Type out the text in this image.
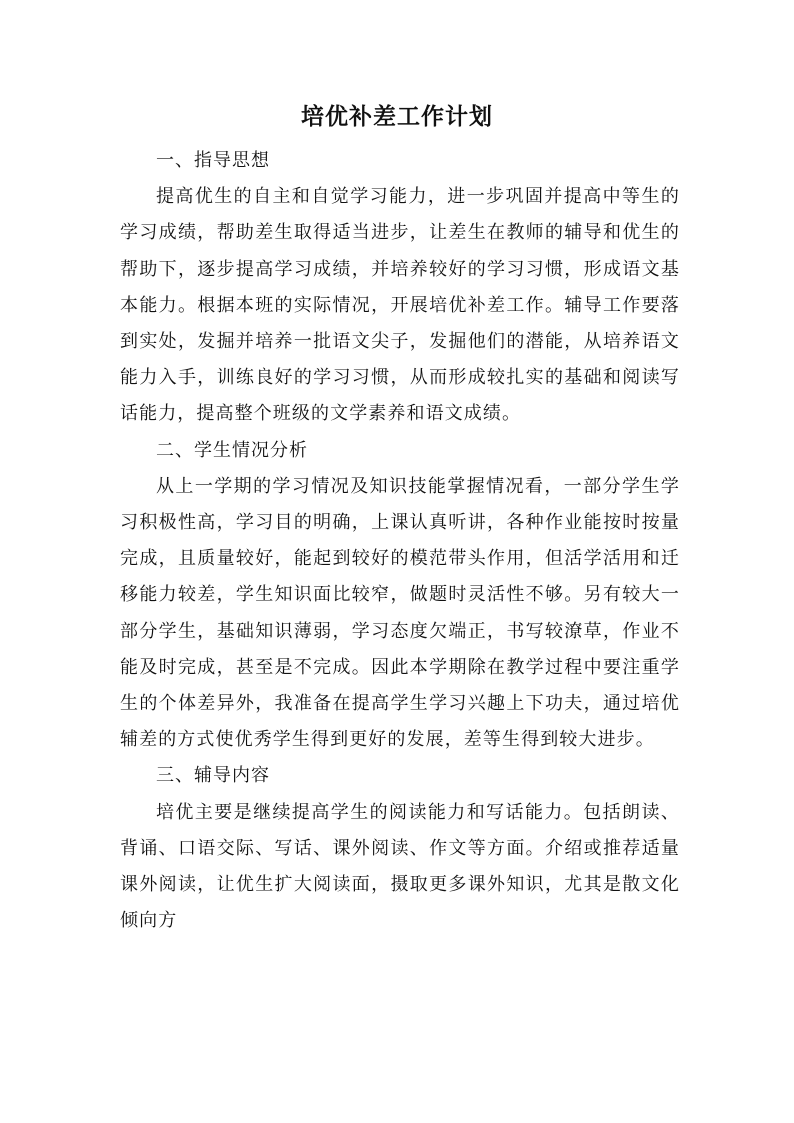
培优补差工作计划

一、指导思想

提高优生的自主和自觉学习能力，进一步巩固并提高中等生的学习成绩，帮助差生取得适当进步，让差生在教师的辅导和优生的帮助下，逐步提高学习成绩，并培养较好的学习习惯，形成语文基本能力。根据本班的实际情况，开展培优补差工作。辅导工作要落到实处，发掘并培养一批语文尖子，发掘他们的潜能，从培养语文能力入手，训练良好的学习习惯，从而形成较扎实的基础和阅读写话能力，提高整个班级的文学素养和语文成绩。

二、学生情况分析

从上一学期的学习情况及知识技能掌握情况看，一部分学生学习积极性高，学习目的明确，上课认真听讲，各种作业能按时按量完成，且质量较好，能起到较好的模范带头作用，但活学活用和迁移能力较差，学生知识面比较窄，做题时灵活性不够。另有较大一部分学生，基础知识薄弱，学习态度欠端正，书写较潦草，作业不能及时完成，甚至是不完成。因此本学期除在教学过程中要注重学生的个体差异外，我准备在提高学生学习兴趣上下功夫，通过培优辅差的方式使优秀学生得到更好的发展，差等生得到较大进步。

三、辅导内容

培优主要是继续提高学生的阅读能力和写话能力。包括朗读、背诵、口语交际、写话、课外阅读、作文等方面。介绍或推荐适量课外阅读，让优生扩大阅读面，摄取更多课外知识，尤其是散文化倾向方
